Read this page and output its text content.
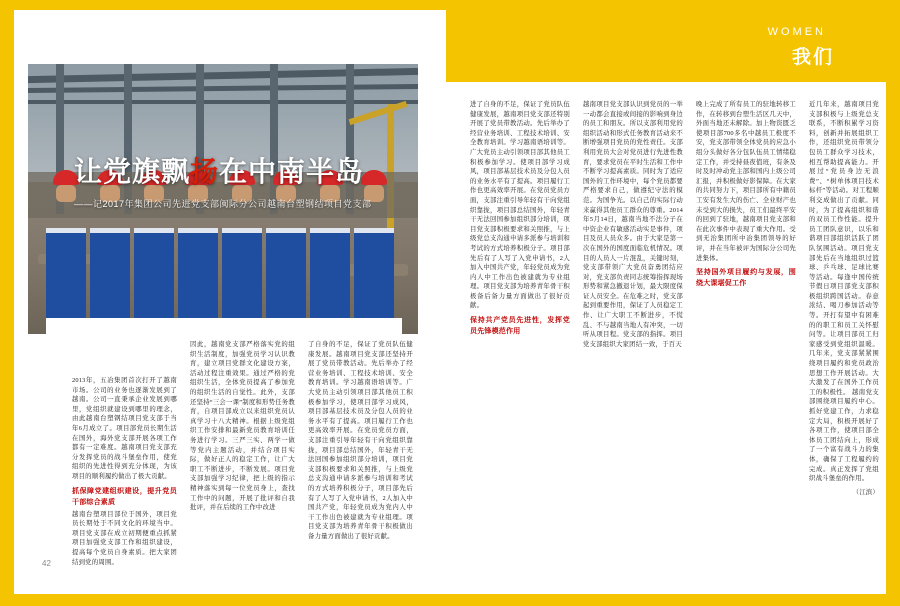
WOMEN
我们
让党旗飘扬在中南半岛
——记2017年集团公司先进党支部闽际分公司越南台塑钢结项目党支部
2013年，五冶集团首次打开了越南市场。公司的业务也逐渐发展到了越南。公司一直秉承企业发展到哪里，党组织就建设到哪里的理念，由此越南台塑钢结项目党支部于当年6月成立了。项目部党员长期生活在国外，海外党支部开展各项工作都有一定难度。越南项目党支部充分发挥党员的战斗堡垒作用，使党组织的先进性得到充分体现，为该项目的顺利履约做出了极大贡献。
抓保障党建组织建设，提升党员干部综合素质
越南台塑项目部位于国外，项目党员长期处于不同文化的环境当中。项目党支部在成立初期便重点抓紧项目加强党支部工作和组织建设，提高每个党员自身素质。把大家团结到党的周围。
因此，越南党支部严格落实党的组织生活制度，加强党员学习认识教育，建立项目党群文化建设方案，活动过程注重效果。通过严格的党组织生活，全体党员提高了参加党的组织生活的自觉性。此外，支部还坚持“三会一课”制度和形势任务教育，自项目部成立以来组织党员认真学习十八大精神。根据上级党组织工作安排和最新党员教育培训任务进行学习。三严三实、两学一做等党内主题活动，并结合项目实际，做好正人的稳定工作，让广大职工不断进步，不断发展。项目党支部加强学习纪律，把上级的指示精神落实到每一位党员身上，查找工作中的问题，开展了批评和自我批评，并在后续的工作中改进
了自身的不足，保证了党员队伍健康发展。越南项目党支部还坚持开展了党员带教活动。先后举办了经营业务培训、工程技术培训、安全教育培训。学习越南语培训等。广大党员主动引领项目部其他员工积极参加学习，使项目部学习成风，项目部基层技术员及分包人员的业务水平有了提高。项目履行工作也更高效率开展。在党员党员方面，支部注重引导年轻有干向党组织靠拢，项目部总结国外，年轻青干无法回国参加组织部分培训，项目党支部积极要求和关照推，与上级党总支沟通申请多派参与培训和考试的方式培养积极分子，项目部先后有了人写了入党申请书，2人加入中国共产党，年轻党员成为党内人中干工作出色被建就为专业组理。项目党支部为培养青年骨干积极做出备力量方面做出了很好贡献。
42
进了自身的不足，保证了党员队伍健康发展，越南项目党支部还特别开展了党员带教活动。先后举办了经营业务培训、工程技术培训、安全教育培训。学习越南语培训等。广大党员主动引领项目部其他员工积极参加学习。使项目部学习成风，项目部基层技术员及分包人员的业务水平有了提高。项目履行工作也更高效率开展。在党员党员方面，支部注重引导年轻有干向党组织靠拢，项目部总结国外，年轻青干无法回国参加组织部分培训，项目党支部积极要求和关照推，与上级党总支沟通申请多派参与培训和考试的方式培养积极分子。项目部先后有了人写了入党申请书，2人加入中国共产党，年轻党员成为党内人中工作出色被建就为专业组理。项目党支部为培养青年骨干积极备后备力量方面做出了很好贡献。
保持共产党员先进性，发挥党员先锋模范作用
越南项目党支部认识到党员的一举一动都会直接或间接的影响到身边的员工和朋友。所以支部利用党的组织活动和形式任务教育活动来不断增强项目党员的党性责任。支部利用党员大会对党员进行先进性教育，要求党员在平时生活和工作中不断学习提高素质。同时为了适应国外的工作环境中，每个党员都要严格要求自己，做遵纪守法的模范。为国争光。以自己的实际行动来赢得其他员工群众的尊重。2014年5月14日，越南当地不法分子在中资企业有敏感活动实是事件，项目及员人员众多。由于大家是第一次在国外的国度面临危机情况。项目的人员人一片混乱，关键时刻，党支部带领广大党员奋勇团结应对，党支部负责同志统筹指挥现场形势和紧急撤退计划，最大限度保证人员安全。在危难之时，党支部起到重要作用，保证了人员稳定工作、让广大职工不断进步，不慌乱、不与越南当地人有冲突，一切听从项目程。党支部的指挥。项目党支部组织大家团结一致，于百天
晚上完成了所有员工的驻地转移工作，在转移到台塑生活区几天中，外面当地还未解除。加上物资匮乏使项目部700多名中越员工极度不安，党支部带领全体党员的应急小组分头做好各分包队伍员工情绪稳定工作，并受持昼夜值班，有条及时及时冲动党主部和国内上级公司汇报，并积极做好影保障。在大家的共同努力下，项目部所有中籍员工安有发生大的伤亡、全业财产也未受到大的损失，员工们最终平安的回到了驻地，越南项目党支部和在此次事件中表现了重大作用。受到无治集团所中冶集团领导的好评，并在当年被评为国际分公司先进集体。
坚持国外项目履约与发展，围绕大课堪促工作
近几年来，越南项目党支部积极与上级党总支联系，不断积累学习资料，创新并拓展组织工作，还组织党员带领分包员工群众学习技术，相互帮助提高能力。开展过“党员身边无浪费”、“树单体项目技术标杆”等活动。对工程顺利交成做出了贡献。同时，为了提高组织和谐的双员工作性能。提升员工团队意识，以乐和谐项目部组织活跃了团队氛围活动。项目党支部先后在当地组织过篮球、乒乓球、足球比赛等活动。每逢中国传统节假日项目部党支部积极组织跨国活动。春意浓结、喝刀参加活动等等。开打有望中有困难的的职工和员工关怀慰问等。让项目部员工归家感受到党组织温暖。几年来，党支部紧紧围绕项目履约和党员政治思想工作开展活动。大大激发了在国外工作员工的积极性。 越南党支部围绕项目履约中心。抓好党建工作，力求稳定大局，积极开展好了各项工作，使项目部全体员工团结向上，形成了一个富有战斗力的集体，确保了工程履约的完成。真正发挥了党组织战斗堡垒的作用。
（江滨）
